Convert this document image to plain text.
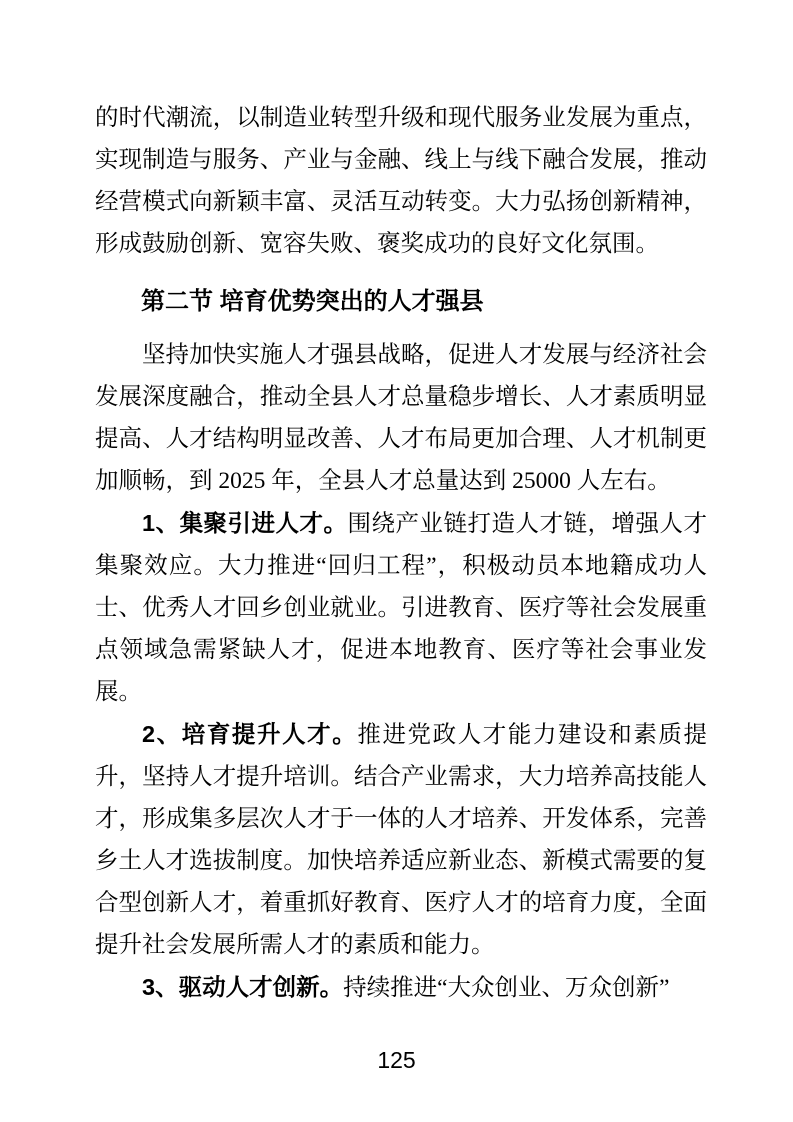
的时代潮流，以制造业转型升级和现代服务业发展为重点，实现制造与服务、产业与金融、线上与线下融合发展，推动经营模式向新颖丰富、灵活互动转变。大力弘扬创新精神，形成鼓励创新、宽容失败、褒奖成功的良好文化氛围。

第二节 培育优势突出的人才强县

坚持加快实施人才强县战略，促进人才发展与经济社会发展深度融合，推动全县人才总量稳步增长、人才素质明显提高、人才结构明显改善、人才布局更加合理、人才机制更加顺畅，到 2025 年，全县人才总量达到 25000 人左右。

1、集聚引进人才。围绕产业链打造人才链，增强人才集聚效应。大力推进“回归工程”，积极动员本地籍成功人士、优秀人才回乡创业就业。引进教育、医疗等社会发展重点领域急需紧缺人才，促进本地教育、医疗等社会事业发展。

2、培育提升人才。推进党政人才能力建设和素质提升，坚持人才提升培训。结合产业需求，大力培养高技能人才，形成集多层次人才于一体的人才培养、开发体系，完善乡土人才选拔制度。加快培养适应新业态、新模式需要的复合型创新人才，着重抓好教育、医疗人才的培育力度，全面提升社会发展所需人才的素质和能力。

3、驱动人才创新。持续推进“大众创业、万众创新”

125
